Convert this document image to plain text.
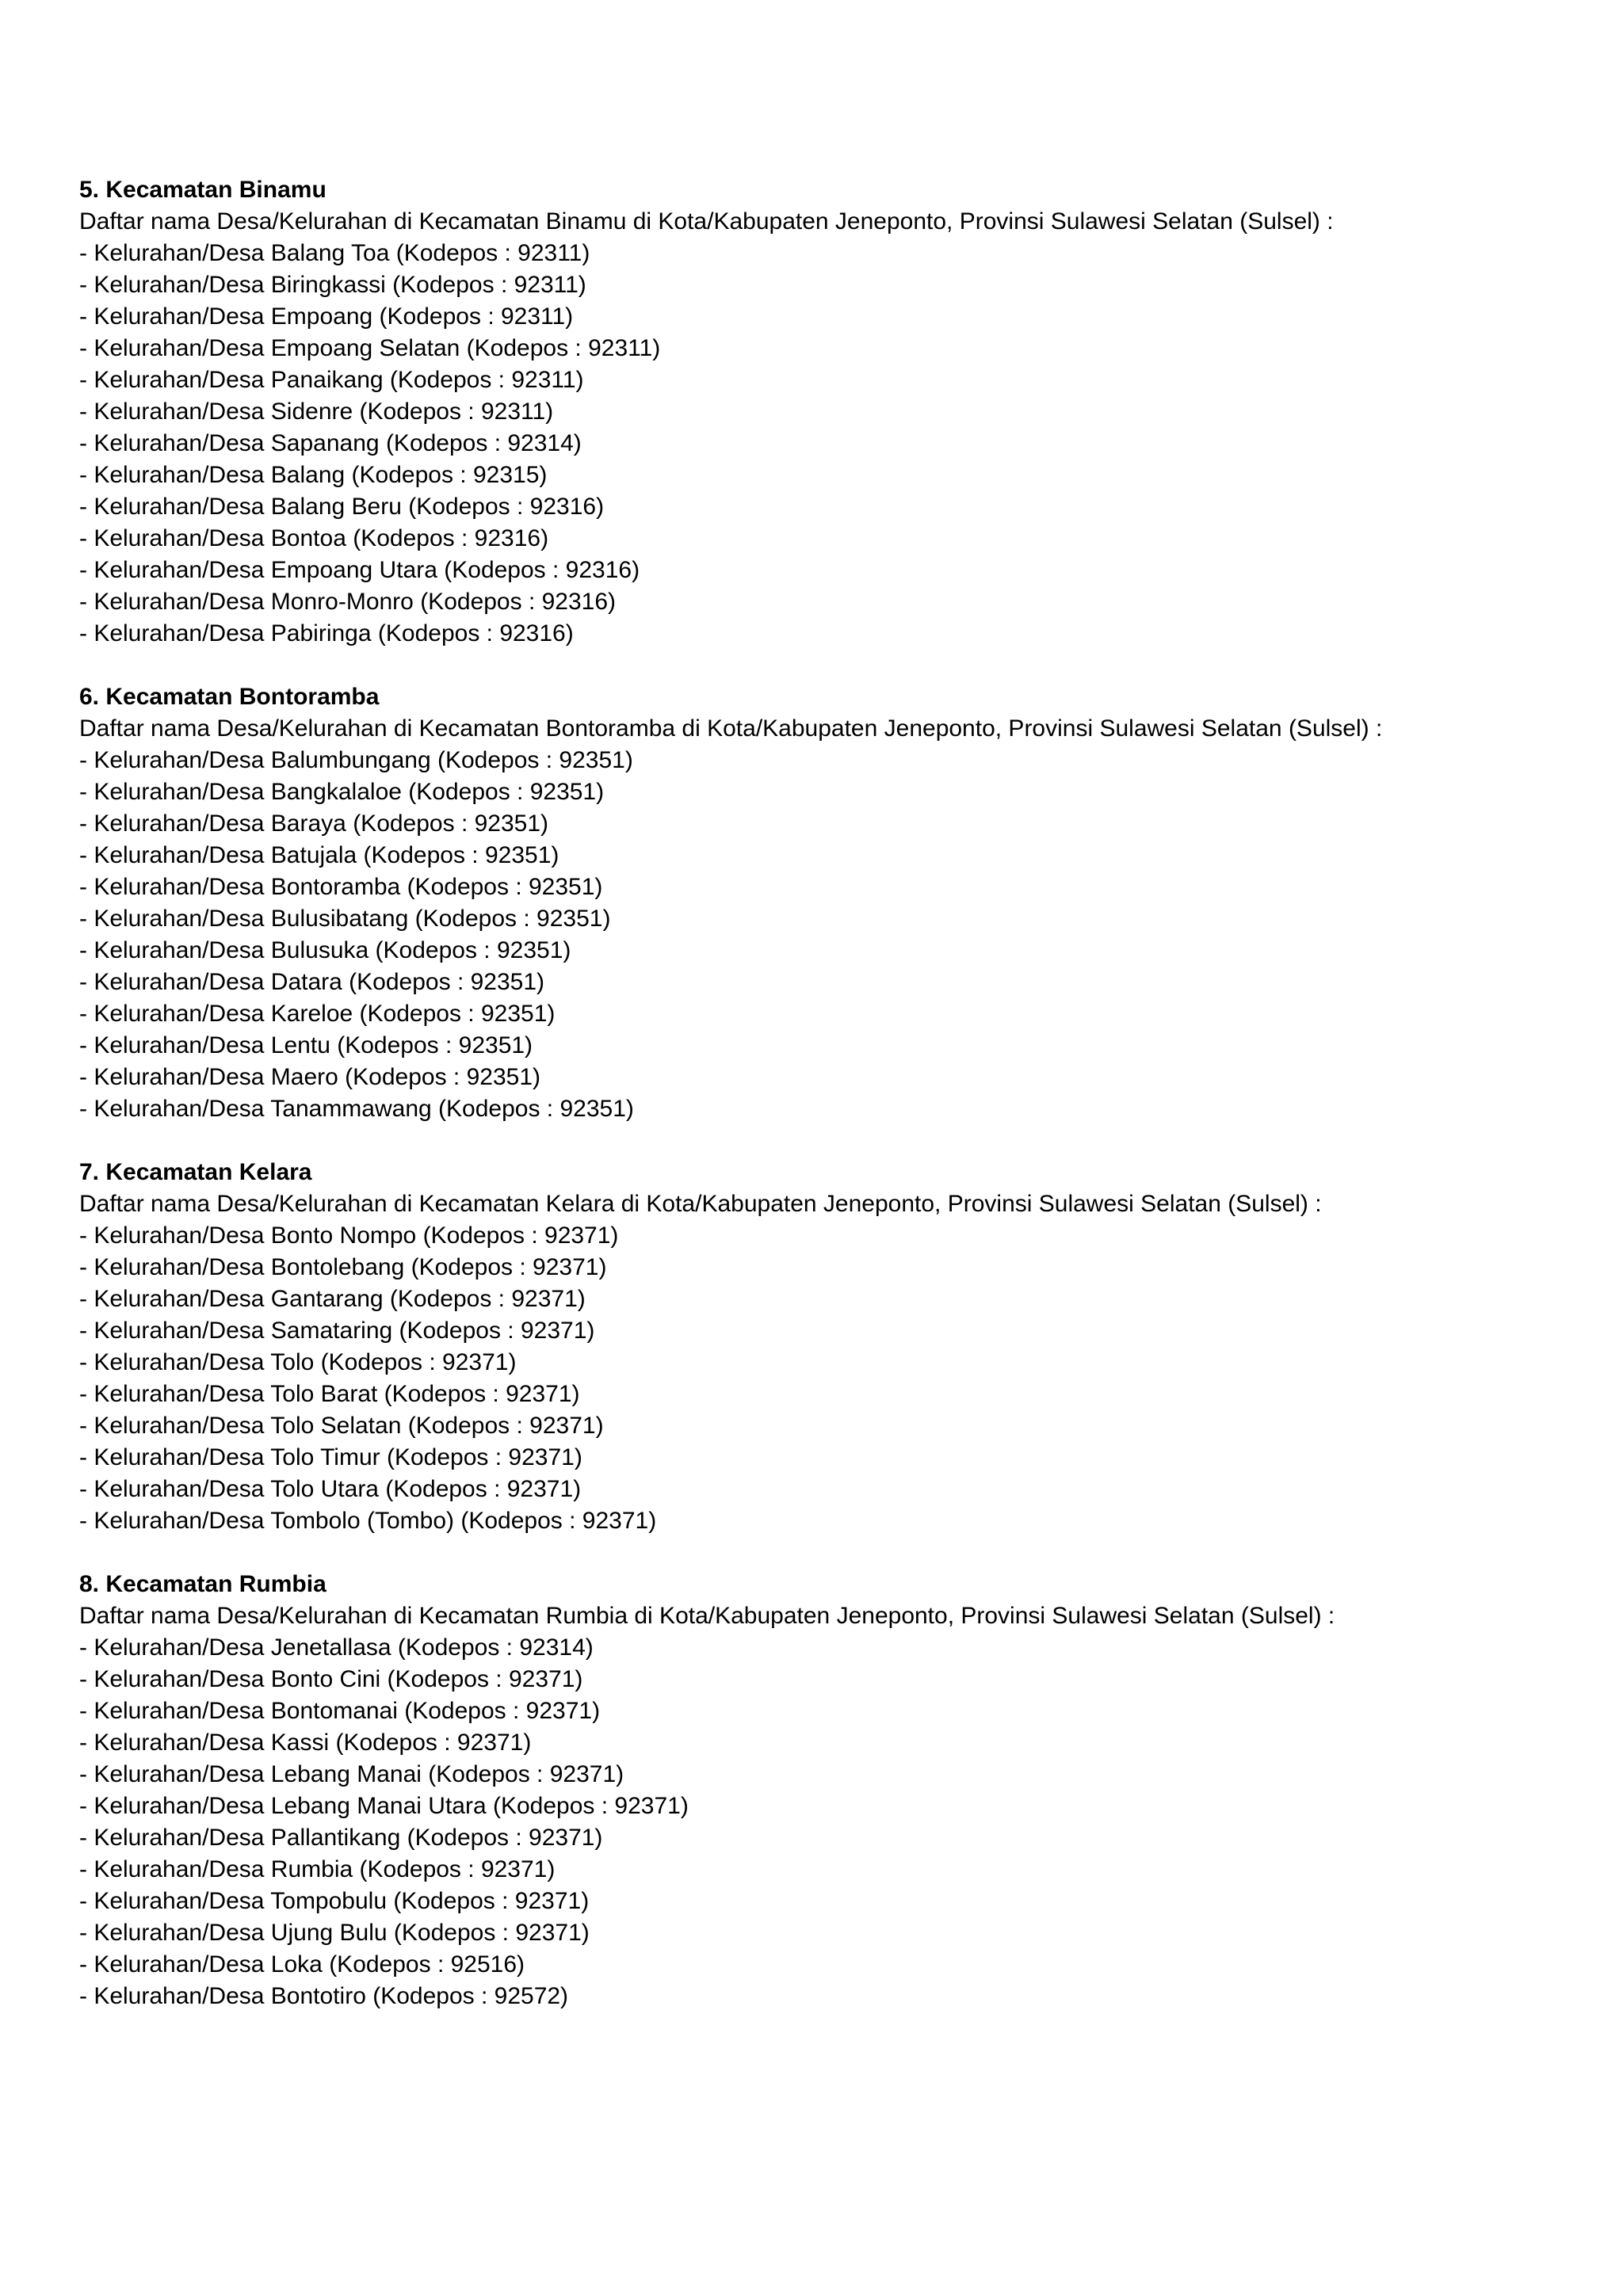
5. Kecamatan Binamu
Daftar nama Desa/Kelurahan di Kecamatan Binamu di Kota/Kabupaten Jeneponto, Provinsi Sulawesi Selatan (Sulsel) :
- Kelurahan/Desa Balang Toa (Kodepos : 92311)
- Kelurahan/Desa Biringkassi (Kodepos : 92311)
- Kelurahan/Desa Empoang (Kodepos : 92311)
- Kelurahan/Desa Empoang Selatan (Kodepos : 92311)
- Kelurahan/Desa Panaikang (Kodepos : 92311)
- Kelurahan/Desa Sidenre (Kodepos : 92311)
- Kelurahan/Desa Sapanang (Kodepos : 92314)
- Kelurahan/Desa Balang (Kodepos : 92315)
- Kelurahan/Desa Balang Beru (Kodepos : 92316)
- Kelurahan/Desa Bontoa (Kodepos : 92316)
- Kelurahan/Desa Empoang Utara (Kodepos : 92316)
- Kelurahan/Desa Monro-Monro (Kodepos : 92316)
- Kelurahan/Desa Pabiringa (Kodepos : 92316)
6. Kecamatan Bontoramba
Daftar nama Desa/Kelurahan di Kecamatan Bontoramba di Kota/Kabupaten Jeneponto, Provinsi Sulawesi Selatan (Sulsel) :
- Kelurahan/Desa Balumbungang (Kodepos : 92351)
- Kelurahan/Desa Bangkalaloe (Kodepos : 92351)
- Kelurahan/Desa Baraya (Kodepos : 92351)
- Kelurahan/Desa Batujala (Kodepos : 92351)
- Kelurahan/Desa Bontoramba (Kodepos : 92351)
- Kelurahan/Desa Bulusibatang (Kodepos : 92351)
- Kelurahan/Desa Bulusuka (Kodepos : 92351)
- Kelurahan/Desa Datara (Kodepos : 92351)
- Kelurahan/Desa Kareloe (Kodepos : 92351)
- Kelurahan/Desa Lentu (Kodepos : 92351)
- Kelurahan/Desa Maero (Kodepos : 92351)
- Kelurahan/Desa Tanammawang (Kodepos : 92351)
7. Kecamatan Kelara
Daftar nama Desa/Kelurahan di Kecamatan Kelara di Kota/Kabupaten Jeneponto, Provinsi Sulawesi Selatan (Sulsel) :
- Kelurahan/Desa Bonto Nompo (Kodepos : 92371)
- Kelurahan/Desa Bontolebang (Kodepos : 92371)
- Kelurahan/Desa Gantarang (Kodepos : 92371)
- Kelurahan/Desa Samataring (Kodepos : 92371)
- Kelurahan/Desa Tolo (Kodepos : 92371)
- Kelurahan/Desa Tolo Barat (Kodepos : 92371)
- Kelurahan/Desa Tolo Selatan (Kodepos : 92371)
- Kelurahan/Desa Tolo Timur (Kodepos : 92371)
- Kelurahan/Desa Tolo Utara (Kodepos : 92371)
- Kelurahan/Desa Tombolo (Tombo) (Kodepos : 92371)
8. Kecamatan Rumbia
Daftar nama Desa/Kelurahan di Kecamatan Rumbia di Kota/Kabupaten Jeneponto, Provinsi Sulawesi Selatan (Sulsel) :
- Kelurahan/Desa Jenetallasa (Kodepos : 92314)
- Kelurahan/Desa Bonto Cini (Kodepos : 92371)
- Kelurahan/Desa Bontomanai (Kodepos : 92371)
- Kelurahan/Desa Kassi (Kodepos : 92371)
- Kelurahan/Desa Lebang Manai (Kodepos : 92371)
- Kelurahan/Desa Lebang Manai Utara (Kodepos : 92371)
- Kelurahan/Desa Pallantikang (Kodepos : 92371)
- Kelurahan/Desa Rumbia (Kodepos : 92371)
- Kelurahan/Desa Tompobulu (Kodepos : 92371)
- Kelurahan/Desa Ujung Bulu (Kodepos : 92371)
- Kelurahan/Desa Loka (Kodepos : 92516)
- Kelurahan/Desa Bontotiro (Kodepos : 92572)
